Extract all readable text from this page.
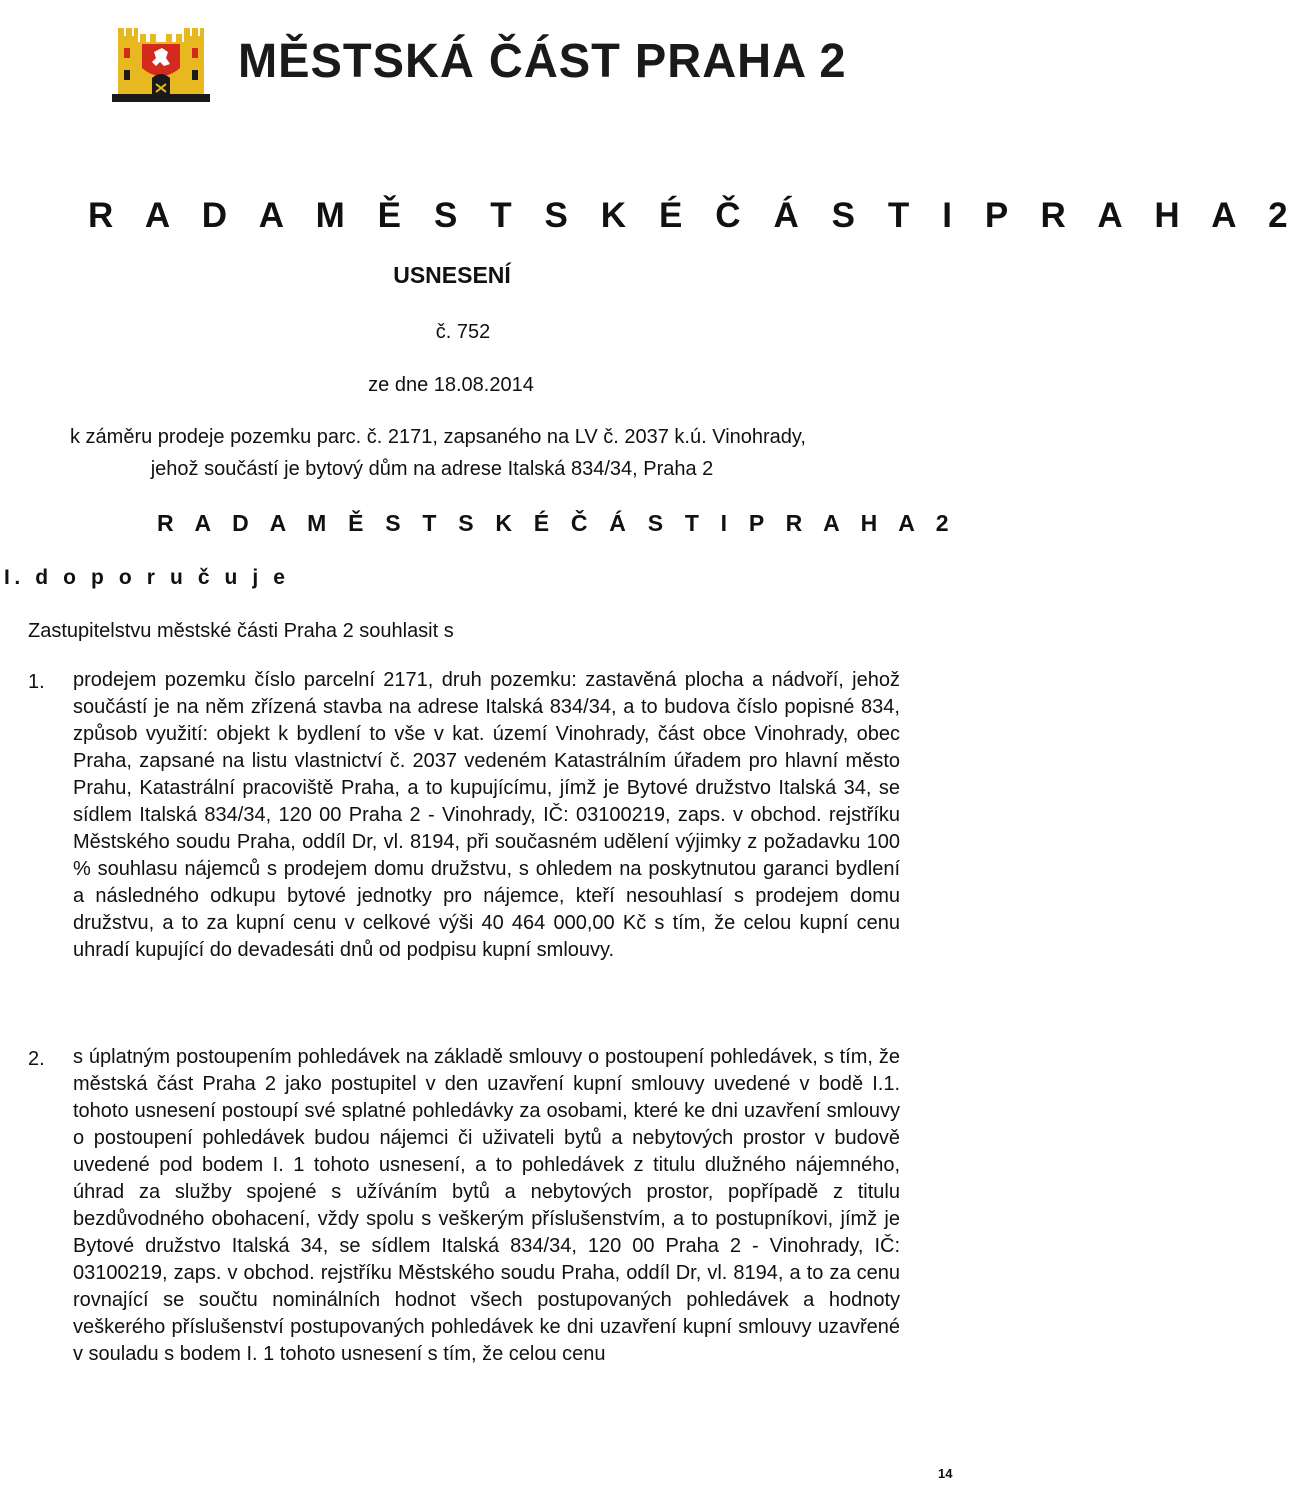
MĚSTSKÁ ČÁST PRAHA 2
R A D A M Ě S T S K É Č Á S T I P R A H A 2
USNESENÍ
č. 752
ze dne 18.08.2014
k záměru prodeje pozemku parc. č. 2171, zapsaného na LV č. 2037 k.ú. Vinohrady,
jehož součástí je bytový dům na adrese Italská 834/34, Praha 2
R A D A M Ě S T S K É Č Á S T I P R A H A 2
I. d o p o r u č u j e
Zastupitelstvu městské části Praha 2 souhlasit s
1. prodejem pozemku číslo parcelní 2171, druh pozemku: zastavěná plocha a nádvoří, jehož součástí je na něm zřízená stavba na adrese Italská 834/34, a to budova číslo popisné 834, způsob využití: objekt k bydlení to vše v kat. území Vinohrady, část obce Vinohrady, obec Praha, zapsané na listu vlastnictví č. 2037 vedeném Katastrálním úřadem pro hlavní město Prahu, Katastrální pracoviště Praha, a to kupujícímu, jímž je Bytové družstvo Italská 34, se sídlem Italská 834/34, 120 00 Praha 2 - Vinohrady, IČ: 03100219, zaps. v obchod. rejstříku Městského soudu Praha, oddíl Dr, vl. 8194, při současném udělení výjimky z požadavku 100 % souhlasu nájemců s prodejem domu družstvu, s ohledem na poskytnutou garanci bydlení a následného odkupu bytové jednotky pro nájemce, kteří nesouhlasí s prodejem domu družstvu, a to za kupní cenu v celkové výši 40 464 000,00 Kč s tím, že celou kupní cenu uhradí kupující do devadesáti dnů od podpisu kupní smlouvy.
2. s úplatným postoupením pohledávek na základě smlouvy o postoupení pohledávek, s tím, že městská část Praha 2 jako postupitel v den uzavření kupní smlouvy uvedené v bodě I.1. tohoto usnesení postoupí své splatné pohledávky za osobami, které ke dni uzavření smlouvy o postoupení pohledávek budou nájemci či uživateli bytů a nebytových prostor v budově uvedené pod bodem I. 1 tohoto usnesení, a to pohledávek z titulu dlužného nájemného, úhrad za služby spojené s užíváním bytů a nebytových prostor, popřípadě z titulu bezdůvodného obohacení, vždy spolu s veškerým příslušenstvím, a to postupníkovi, jímž je Bytové družstvo Italská 34, se sídlem Italská 834/34, 120 00 Praha 2 - Vinohrady, IČ: 03100219, zaps. v obchod. rejstříku Městského soudu Praha, oddíl Dr, vl. 8194, a to za cenu rovnající se součtu nominálních hodnot všech postupovaných pohledávek a hodnoty veškerého příslušenství postupovaných pohledávek ke dni uzavření kupní smlouvy uzavřené v souladu s bodem I. 1 tohoto usnesení s tím, že celou cenu
14
